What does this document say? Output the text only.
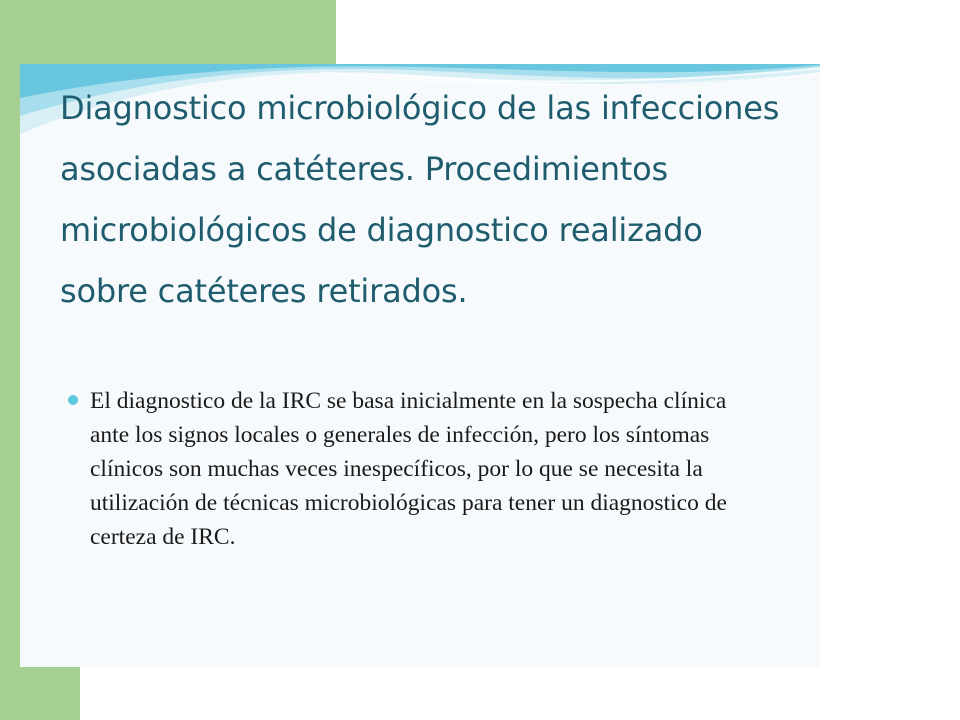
Diagnostico microbiológico de las infecciones asociadas a catéteres. Procedimientos microbiológicos de diagnostico realizado sobre catéteres retirados.
El diagnostico de la IRC se basa inicialmente en la sospecha clínica ante los signos locales o generales de infección, pero los síntomas clínicos son muchas veces inespecíficos, por lo que se necesita la utilización de técnicas microbiológicas para tener un diagnostico de certeza de IRC.
